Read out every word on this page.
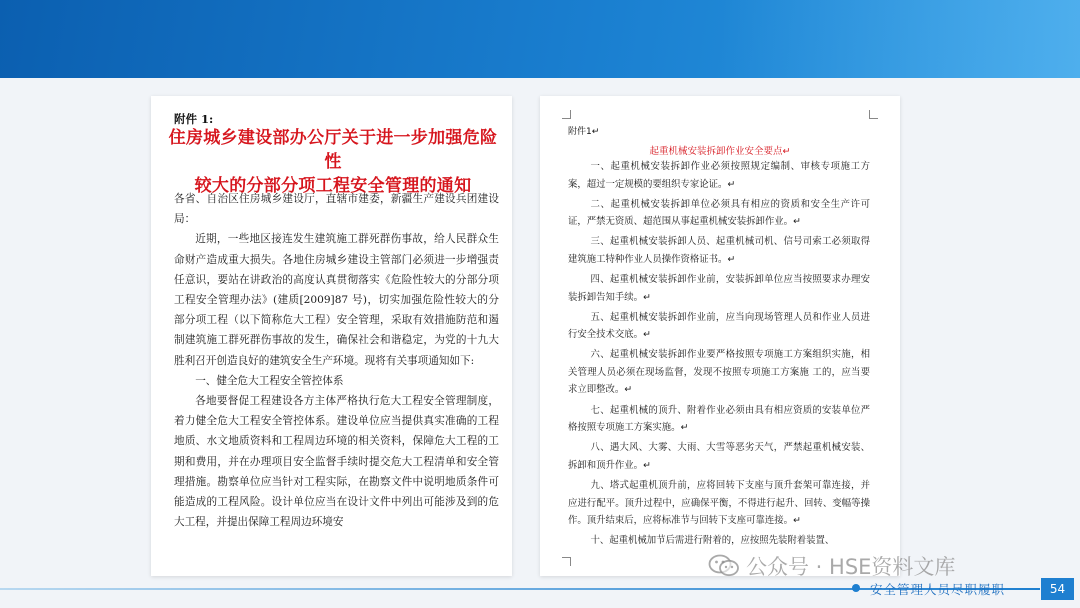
附件 1:
住房城乡建设部办公厅关于进一步加强危险性
较大的分部分项工程安全管理的通知

各省、自治区住房城乡建设厅，直辖市建委，新疆生产建设兵团建设局：

近期，一些地区接连发生建筑施工群死群伤事故，给人民群众生命财产造成重大损失。各地住房城乡建设主管部门必须进一步增强责任意识，要站在讲政治的高度认真贯彻落实《危险性较大的分部分项工程安全管理办法》(建质[2009]87 号)，切实加强危险性较大的分部分项工程（以下简称危大工程）安全管理，采取有效措施防范和遏制建筑施工群死群伤事故的发生，确保社会和谐稳定，为党的十九大胜利召开创造良好的建筑安全生产环境。现将有关事项通知如下:

一、健全危大工程安全管控体系

各地要督促工程建设各方主体严格执行危大工程安全管理制度，着力健全危大工程安全管控体系。建设单位应当提供真实准确的工程地质、水文地质资料和工程周边环境的相关资料，保障危大工程的工期和费用，并在办理项目安全监督手续时提交危大工程清单和安全管理措施。勘察单位应当针对工程实际，在勘察文件中说明地质条件可能造成的工程风险。设计单位应当在设计文件中列出可能涉及到的危大工程，并提出保障工程周边环境安

附件1↵
起重机械安装拆卸作业安全要点↵

一、起重机械安装拆卸作业必须按照规定编制、审核专项施工方案，超过一定规模的要组织专家论证。↵

二、起重机械安装拆卸单位必须具有相应的资质和安全生产许可证，严禁无资质、超范围从事起重机械安装拆卸作业。↵

三、起重机械安装拆卸人员、起重机械司机、信号司索工必须取得建筑施工特种作业人员操作资格证书。↵

四、起重机械安装拆卸作业前，安装拆卸单位应当按照要求办理安装拆卸告知手续。↵

五、起重机械安装拆卸作业前，应当向现场管理人员和作业人员进行安全技术交底。↵

六、起重机械安装拆卸作业要严格按照专项施工方案组织实施，相关管理人员必须在现场监督，发现不按照专项施工方案施 工的，应当要求立即整改。↵

七、起重机械的顶升、附着作业必须由具有相应资质的安装单位严格按照专项施工方案实施。↵

八、遇大风、大雾、大雨、大雪等恶劣天气，严禁起重机械安装、拆卸和顶升作业。↵

九、塔式起重机顶升前，应将回转下支座与顶升套架可靠连接，并应进行配平。顶升过程中，应确保平衡，不得进行起升、回转、变幅等操作。顶升结束后，应将标准节与回转下支座可靠连接。↵

十、起重机械加节后需进行附着的，应按照先装附着装置、

公众号 · HSE资料文库
安全管理人员尽职履职	54
